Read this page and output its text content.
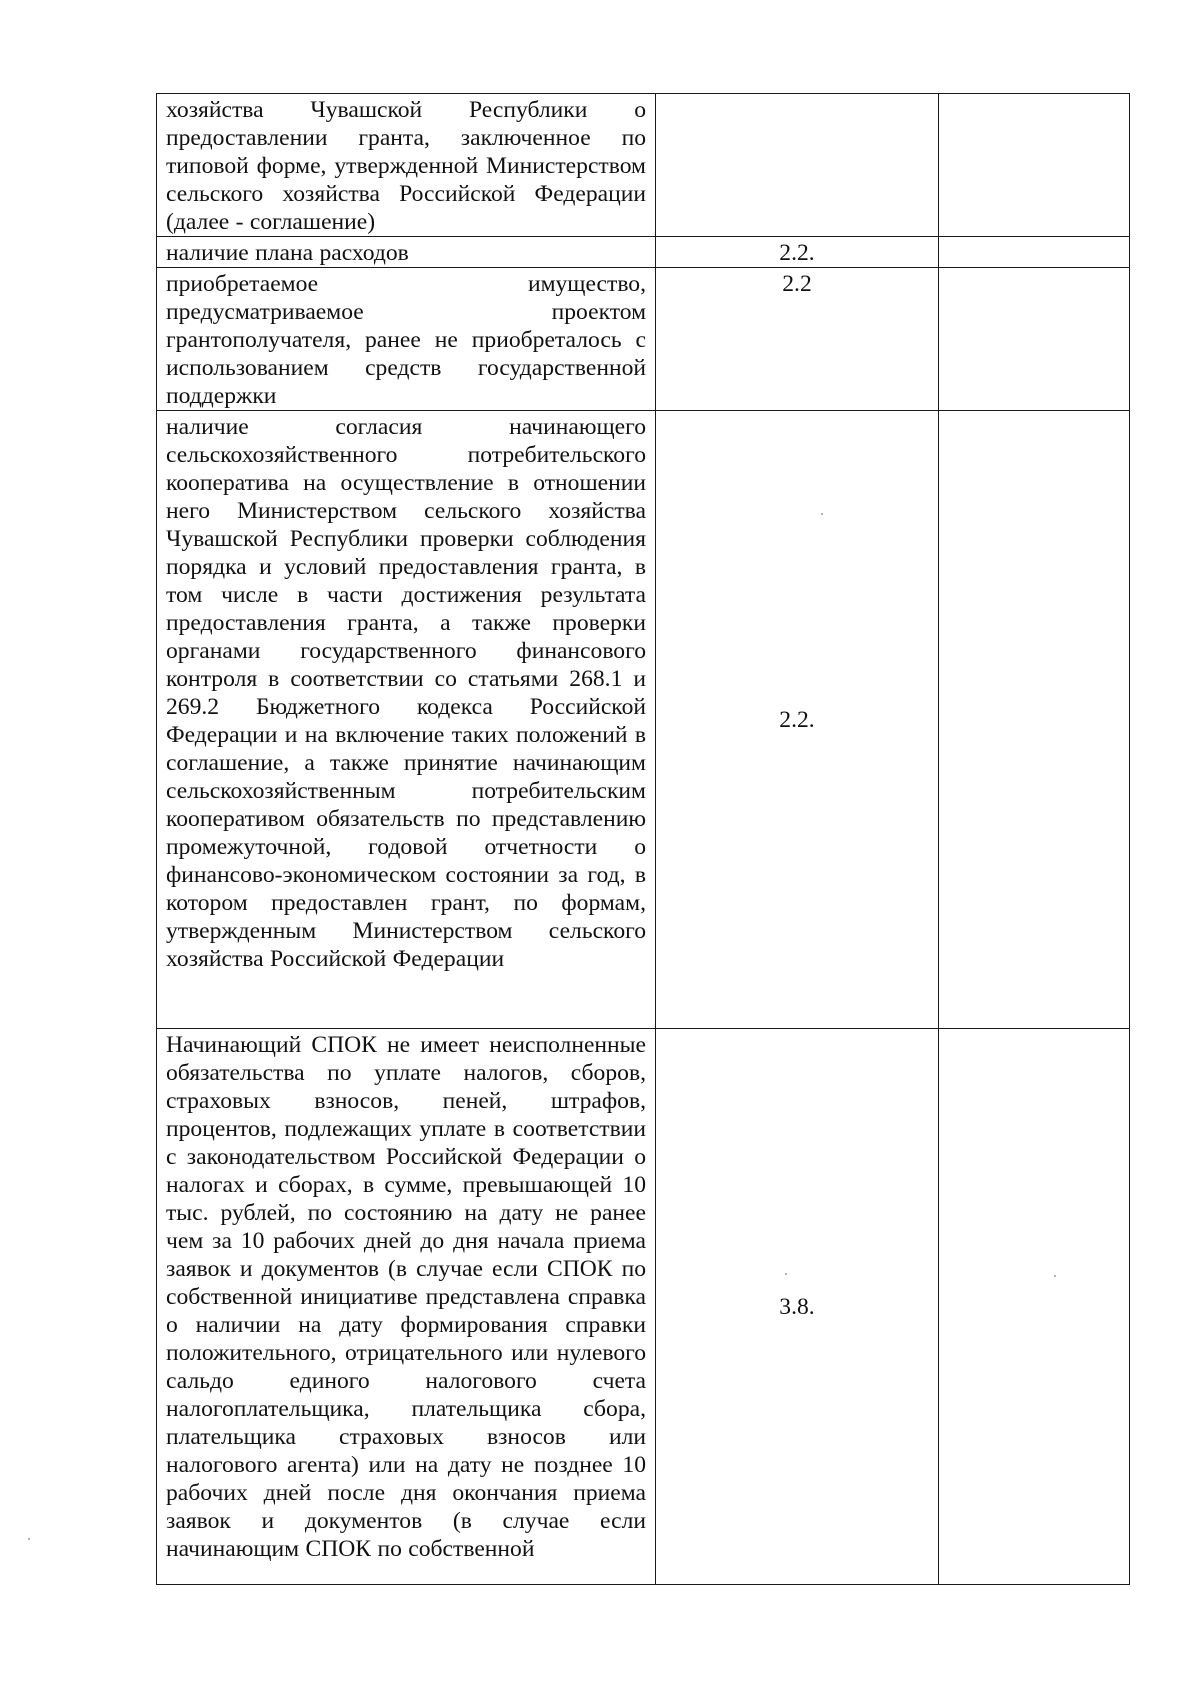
хозяйства Чувашской Республики о предоставлении гранта, заключенное по типовой форме, утвержденной Министерством сельского хозяйства Российской Федерации (далее - соглашение)		

наличие плана расходов	2.2.	

приобретаемое имущество, предусматриваемое проектом грантополучателя, ранее не приобреталось с использованием средств государственной поддержки	2.2	

наличие согласия начинающего сельскохозяйственного потребительского кооператива на осуществление в отношении него Министерством сельского хозяйства Чувашской Республики проверки соблюдения порядка и условий предоставления гранта, в том числе в части достижения результата предоставления гранта, а также проверки органами государственного финансового контроля в соответствии со статьями 268.1 и 269.2 Бюджетного кодекса Российской Федерации и на включение таких положений в соглашение, а также принятие начинающим сельскохозяйственным потребительским кооперативом обязательств по представлению промежуточной, годовой отчетности о финансово-экономическом состоянии за год, в котором предоставлен грант, по формам, утвержденным Министерством сельского хозяйства Российской Федерации	2.2.	

Начинающий СПОК не имеет неисполненные обязательства по уплате налогов, сборов, страховых взносов, пеней, штрафов, процентов, подлежащих уплате в соответствии с законодательством Российской Федерации о налогах и сборах, в сумме, превышающей 10 тыс. рублей, по состоянию на дату не ранее чем за 10 рабочих дней до дня начала приема заявок и документов (в случае если СПОК по собственной инициативе представлена справка о наличии на дату формирования справки положительного, отрицательного или нулевого сальдо единого налогового счета налогоплательщика, плательщика сбора, плательщика страховых взносов или налогового агента) или на дату не позднее 10 рабочих дней после дня окончания приема заявок и документов (в случае если начинающим СПОК по собственной	3.8.	
